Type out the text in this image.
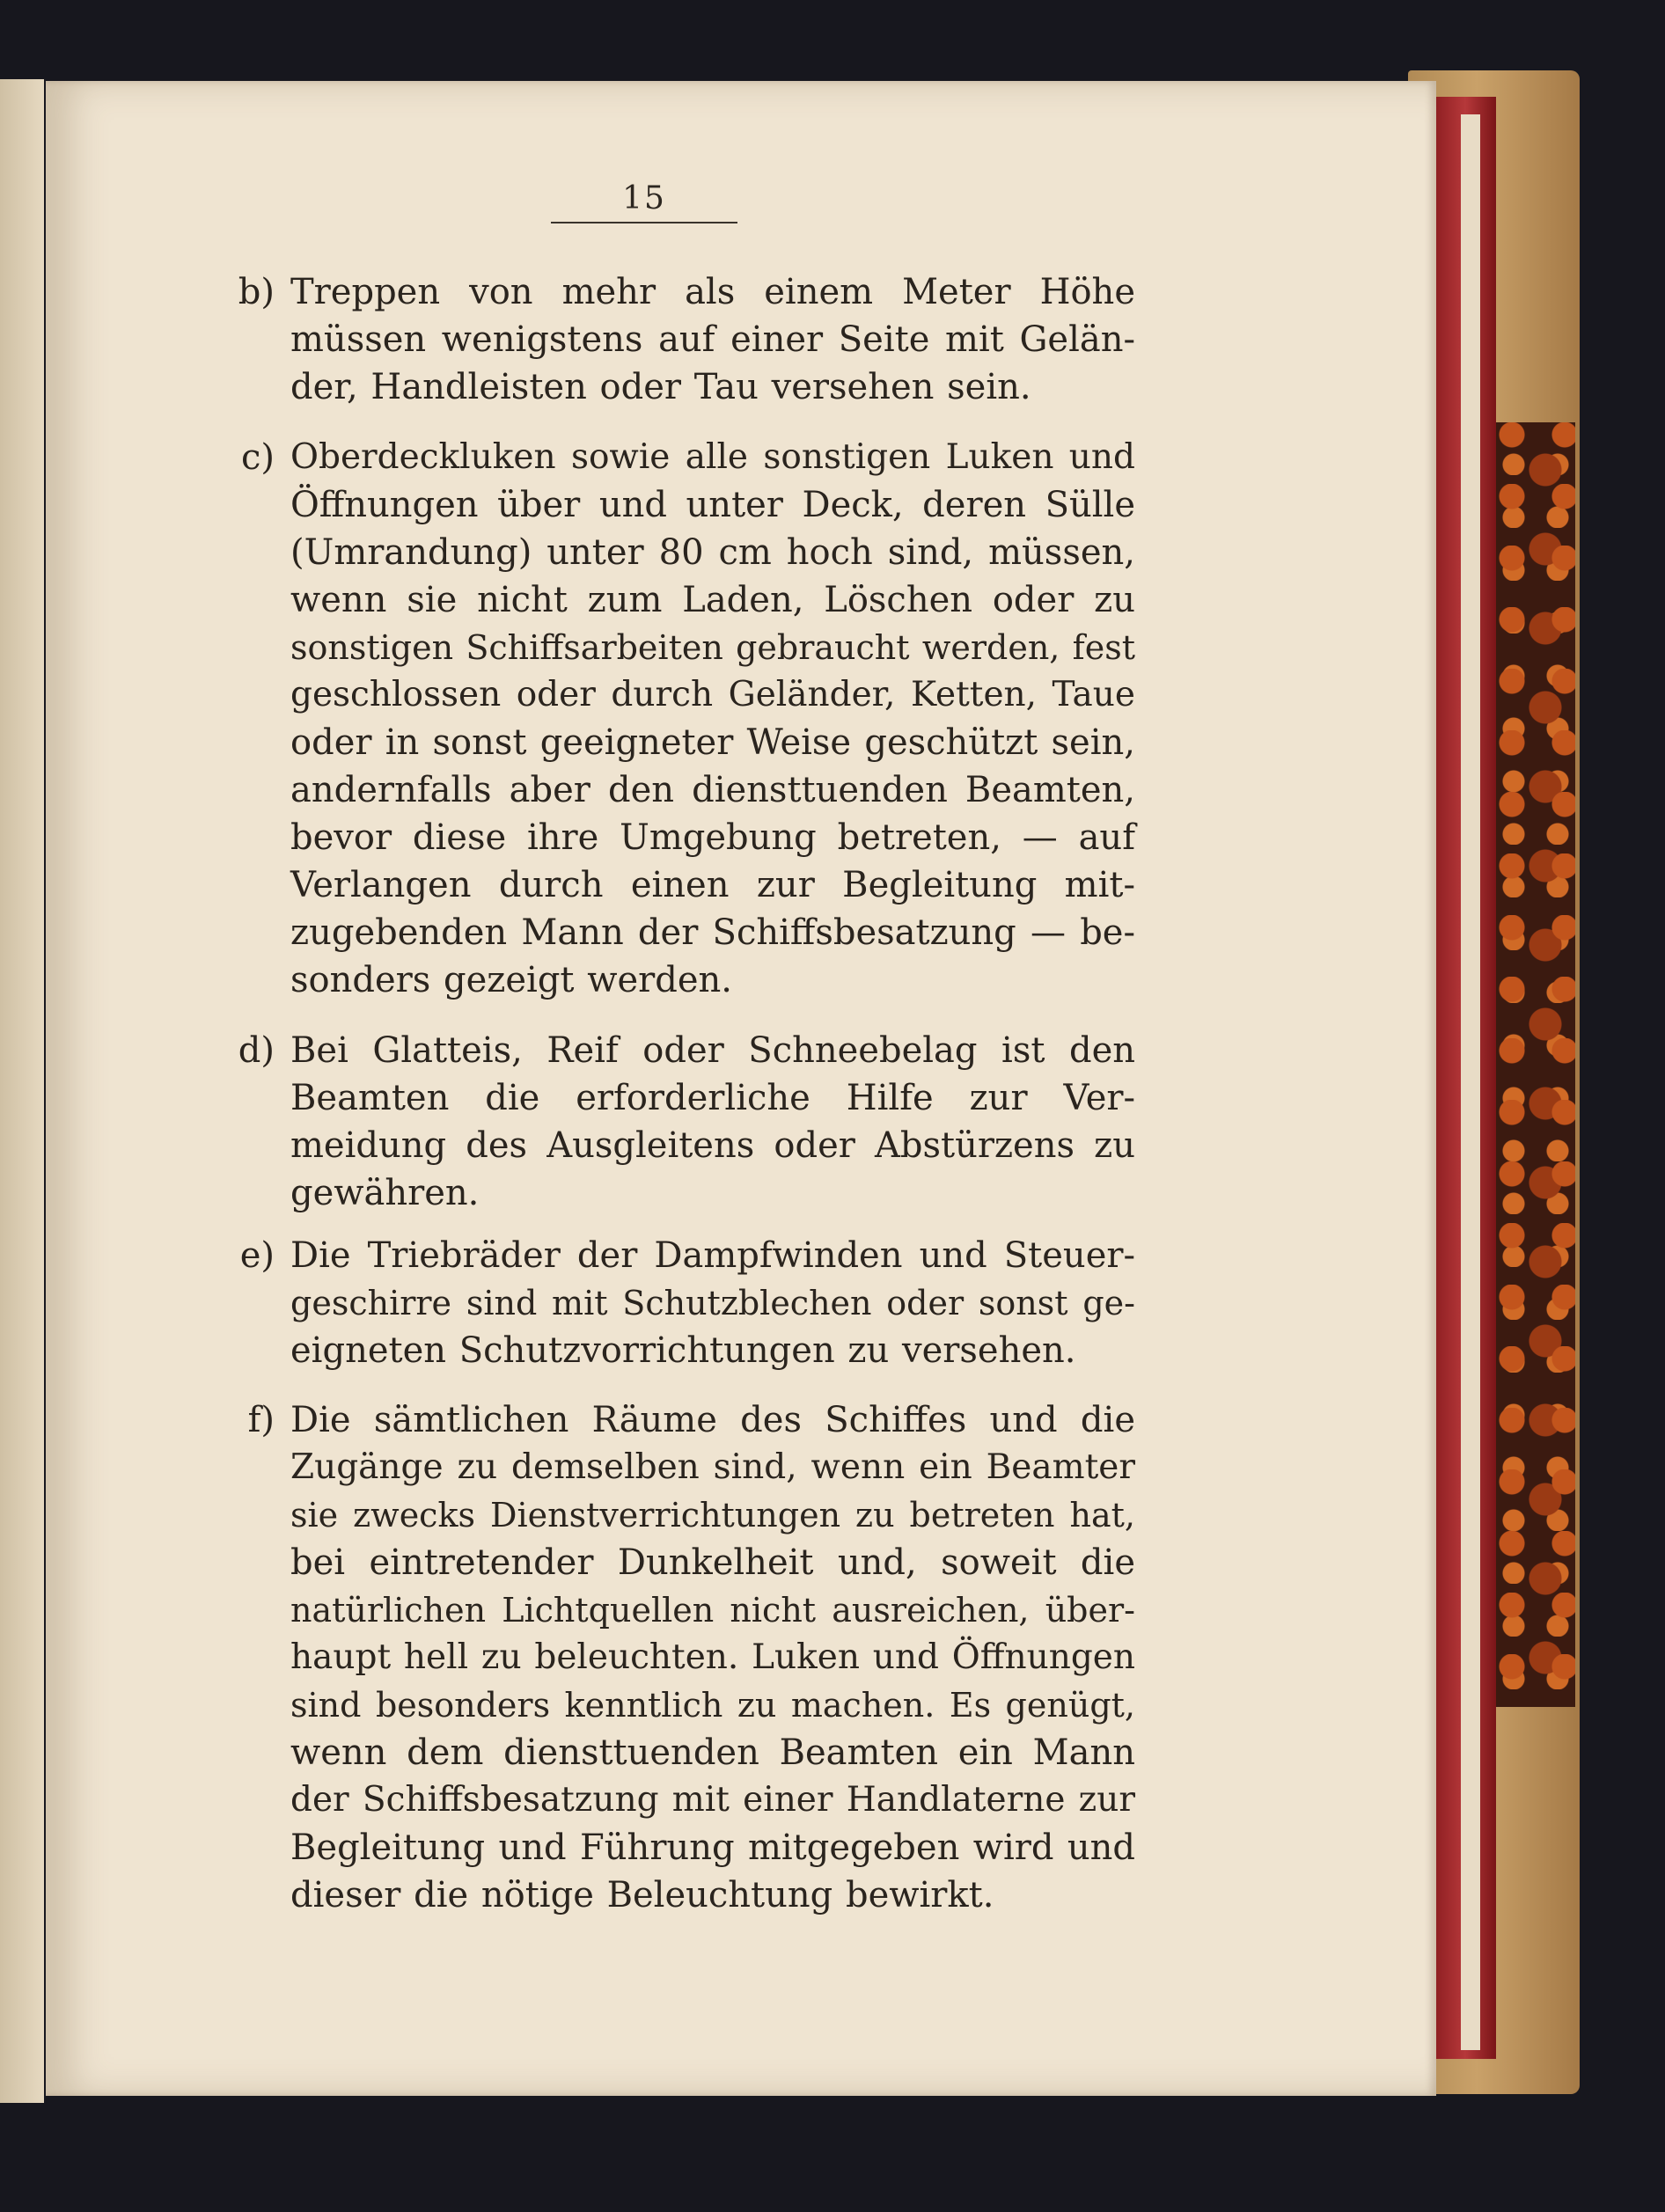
15
b) Treppen von mehr als einem Meter Höhe
müssen wenigstens auf einer Seite mit Gelän-
der, Handleisten oder Tau versehen sein.
c) Oberdeckluken sowie alle sonstigen Luken und
Öffnungen über und unter Deck, deren Sülle
(Umrandung) unter 80 cm hoch sind, müssen,
wenn sie nicht zum Laden, Löschen oder zu
sonstigen Schiffsarbeiten gebraucht werden, fest
geschlossen oder durch Geländer, Ketten, Taue
oder in sonst geeigneter Weise geschützt sein,
andernfalls aber den diensttuenden Beamten,
bevor diese ihre Umgebung betreten, — auf
Verlangen durch einen zur Begleitung mit-
zugebenden Mann der Schiffsbesatzung — be-
sonders gezeigt werden.
d) Bei Glatteis, Reif oder Schneebelag ist den
Beamten die erforderliche Hilfe zur Ver-
meidung des Ausgleitens oder Abstürzens zu
gewähren.
e) Die Triebräder der Dampfwinden und Steuer-
geschirre sind mit Schutzblechen oder sonst ge-
eigneten Schutzvorrichtungen zu versehen.
f) Die sämtlichen Räume des Schiffes und die
Zugänge zu demselben sind, wenn ein Beamter
sie zwecks Dienstverrichtungen zu betreten hat,
bei eintretender Dunkelheit und, soweit die
natürlichen Lichtquellen nicht ausreichen, über-
haupt hell zu beleuchten. Luken und Öffnungen
sind besonders kenntlich zu machen. Es genügt,
wenn dem diensttuenden Beamten ein Mann
der Schiffsbesatzung mit einer Handlaterne zur
Begleitung und Führung mitgegeben wird und
dieser die nötige Beleuchtung bewirkt.
